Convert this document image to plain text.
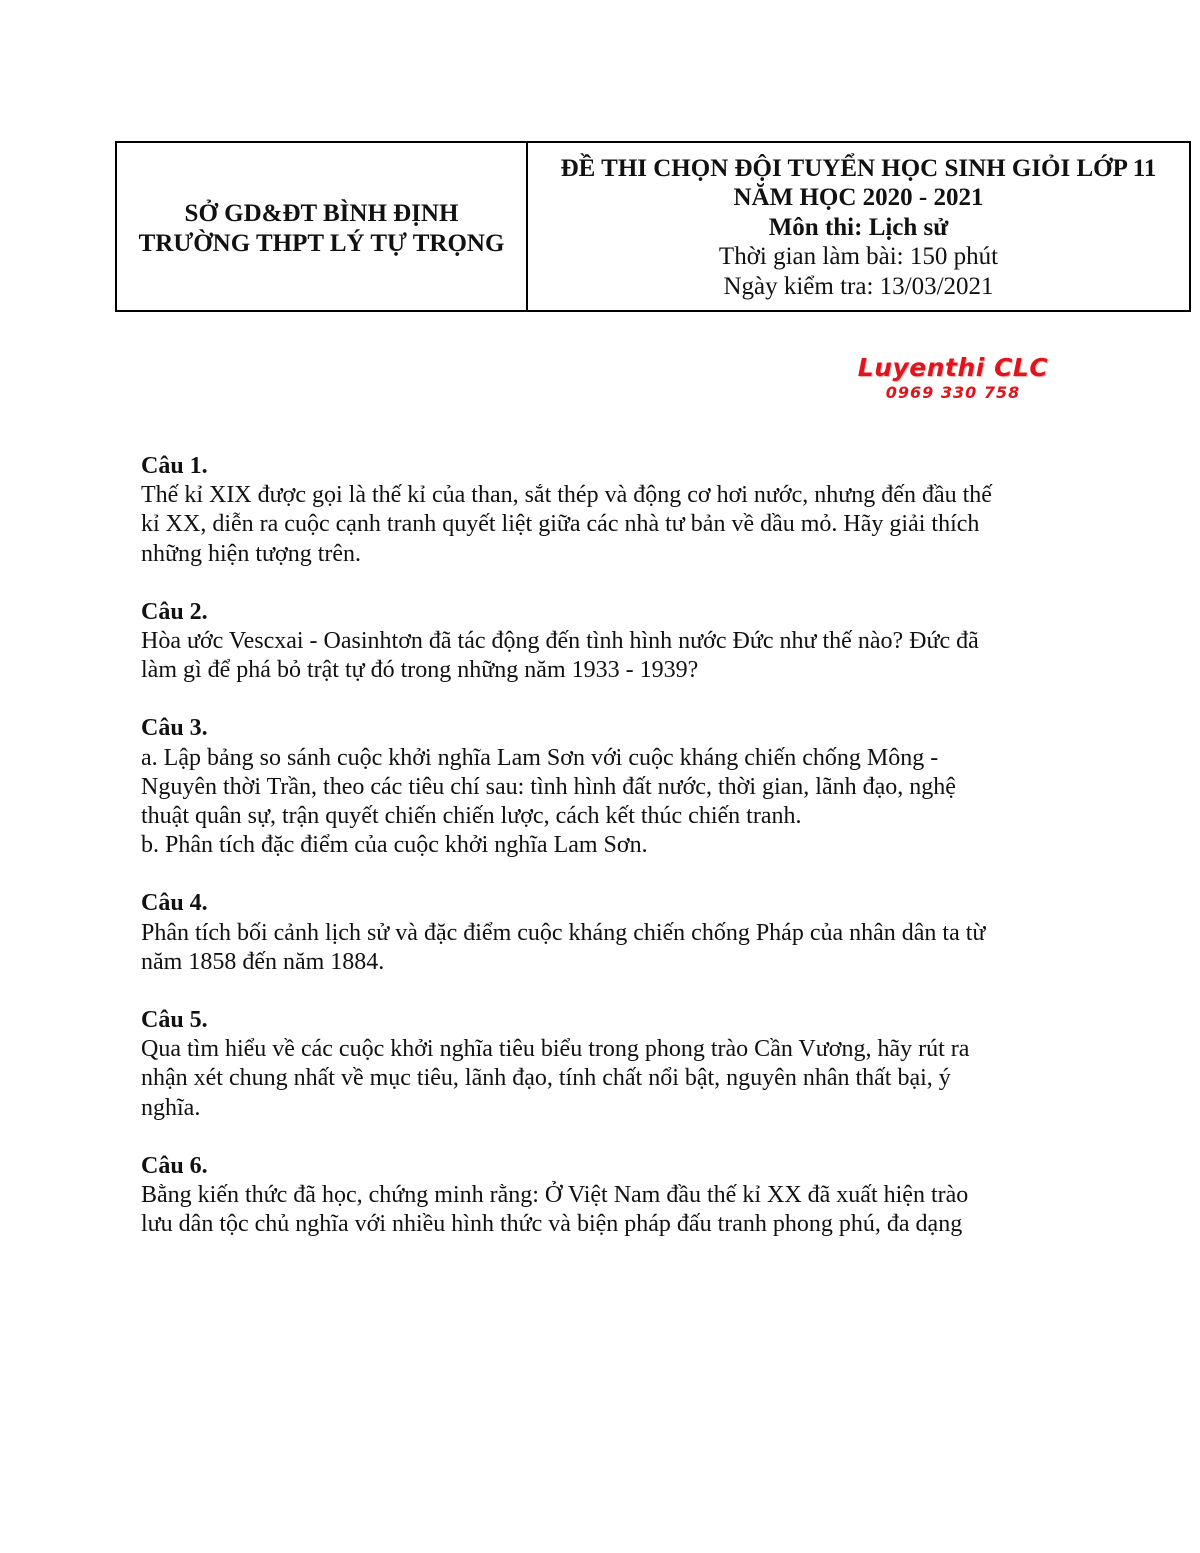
SỞ GD&ĐT BÌNH ĐỊNH
TRƯỜNG THPT LÝ TỰ TRỌNG
ĐỀ THI CHỌN ĐỘI TUYỂN HỌC SINH GIỎI LỚP 11
NĂM HỌC 2020 - 2021
Môn thi: Lịch sử
Thời gian làm bài: 150 phút
Ngày kiểm tra: 13/03/2021
Luyenthi CLC
0969 330 758
Câu 1.
Thế kỉ XIX được gọi là thế kỉ của than, sắt thép và động cơ hơi nước, nhưng đến đầu thế
kỉ XX, diễn ra cuộc cạnh tranh quyết liệt giữa các nhà tư bản về dầu mỏ. Hãy giải thích
những hiện tượng trên.
Câu 2.
Hòa ước Vescxai - Oasinhtơn đã tác động đến tình hình nước Đức như thế nào? Đức đã
làm gì để phá bỏ trật tự đó trong những năm 1933 - 1939?
Câu 3.
a. Lập bảng so sánh cuộc khởi nghĩa Lam Sơn với cuộc kháng chiến chống Mông -
Nguyên thời Trần, theo các tiêu chí sau: tình hình đất nước, thời gian, lãnh đạo, nghệ
thuật quân sự, trận quyết chiến chiến lược, cách kết thúc chiến tranh.
b. Phân tích đặc điểm của cuộc khởi nghĩa Lam Sơn.
Câu 4.
Phân tích bối cảnh lịch sử và đặc điểm cuộc kháng chiến chống Pháp của nhân dân ta từ
năm 1858 đến năm 1884.
Câu 5.
Qua tìm hiểu về các cuộc khởi nghĩa tiêu biểu trong phong trào Cần Vương, hãy rút ra
nhận xét chung nhất về mục tiêu, lãnh đạo, tính chất nổi bật, nguyên nhân thất bại, ý
nghĩa.
Câu 6.
Bằng kiến thức đã học, chứng minh rằng: Ở Việt Nam đầu thế kỉ XX đã xuất hiện trào
lưu dân tộc chủ nghĩa với nhiều hình thức và biện pháp đấu tranh phong phú, đa dạng
